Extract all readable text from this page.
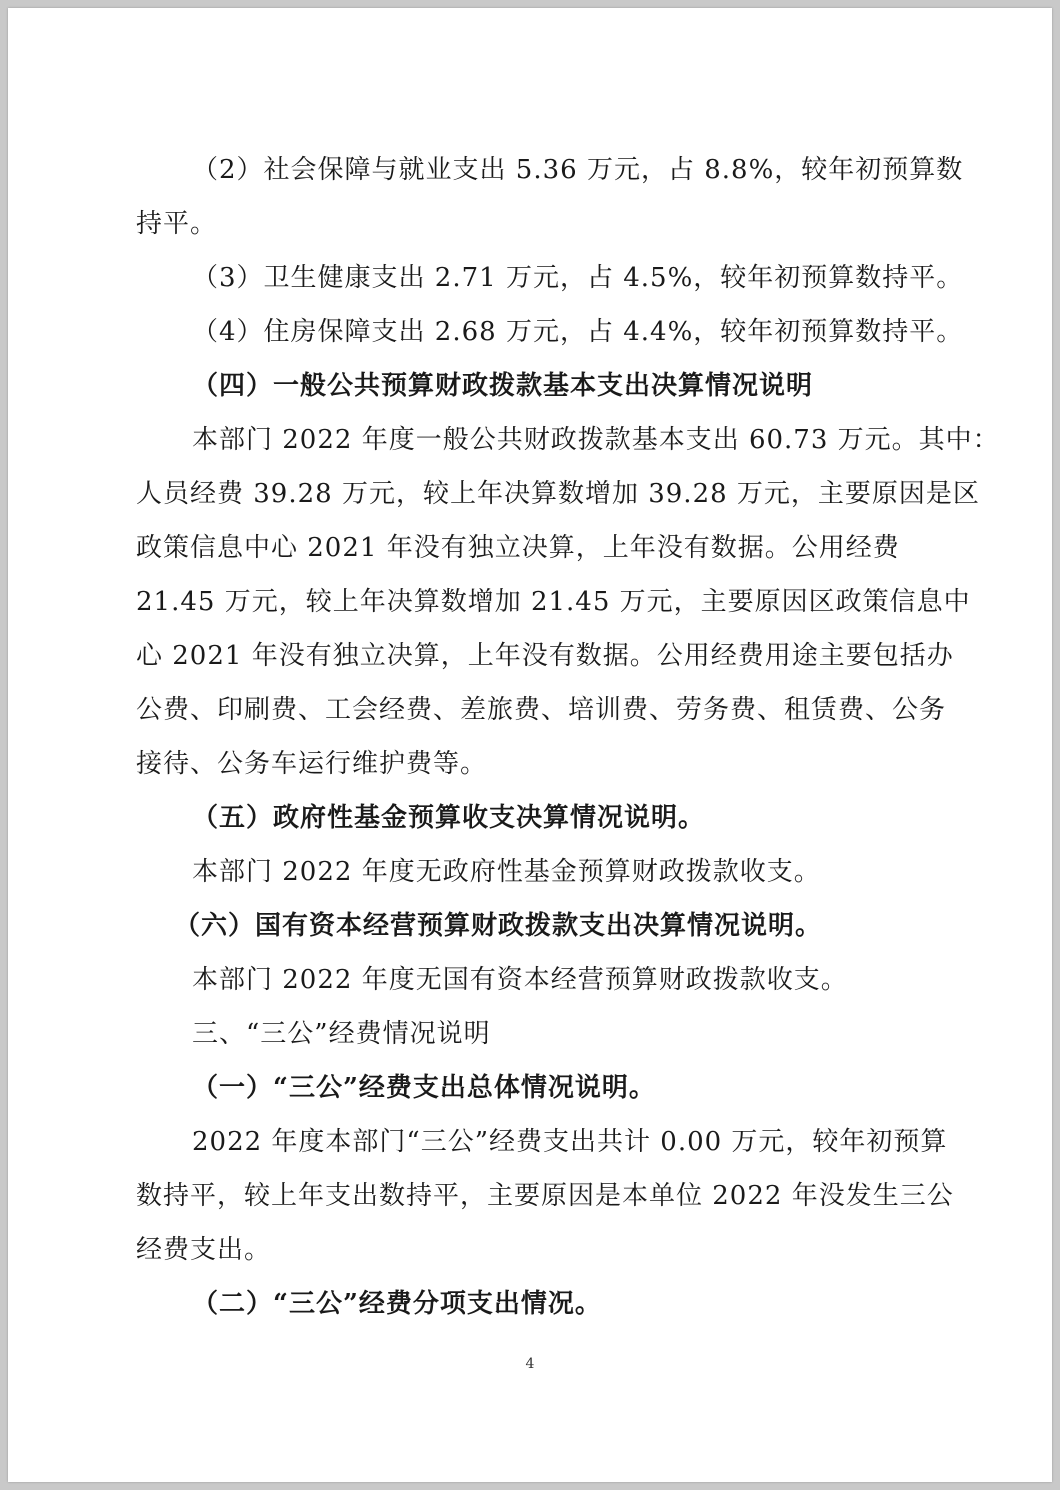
（2）社会保障与就业支出 5.36 万元，占 8.8%，较年初预算数
持平。
（3）卫生健康支出 2.71 万元，占 4.5%，较年初预算数持平。
（4）住房保障支出 2.68 万元，占 4.4%，较年初预算数持平。
（四）一般公共预算财政拨款基本支出决算情况说明
本部门 2022 年度一般公共财政拨款基本支出 60.73 万元。其中：
人员经费 39.28 万元，较上年决算数增加 39.28 万元，主要原因是区
政策信息中心 2021 年没有独立决算，上年没有数据。公用经费
21.45 万元，较上年决算数增加 21.45 万元，主要原因区政策信息中
心 2021 年没有独立决算，上年没有数据。公用经费用途主要包括办
公费、印刷费、工会经费、差旅费、培训费、劳务费、租赁费、公务
接待、公务车运行维护费等。
（五）政府性基金预算收支决算情况说明。
本部门 2022 年度无政府性基金预算财政拨款收支。
（六）国有资本经营预算财政拨款支出决算情况说明。
本部门 2022 年度无国有资本经营预算财政拨款收支。
三、“三公”经费情况说明
（一）“三公”经费支出总体情况说明。
2022 年度本部门“三公”经费支出共计 0.00 万元，较年初预算
数持平，较上年支出数持平，主要原因是本单位 2022 年没发生三公
经费支出。
（二）“三公”经费分项支出情况。
4
